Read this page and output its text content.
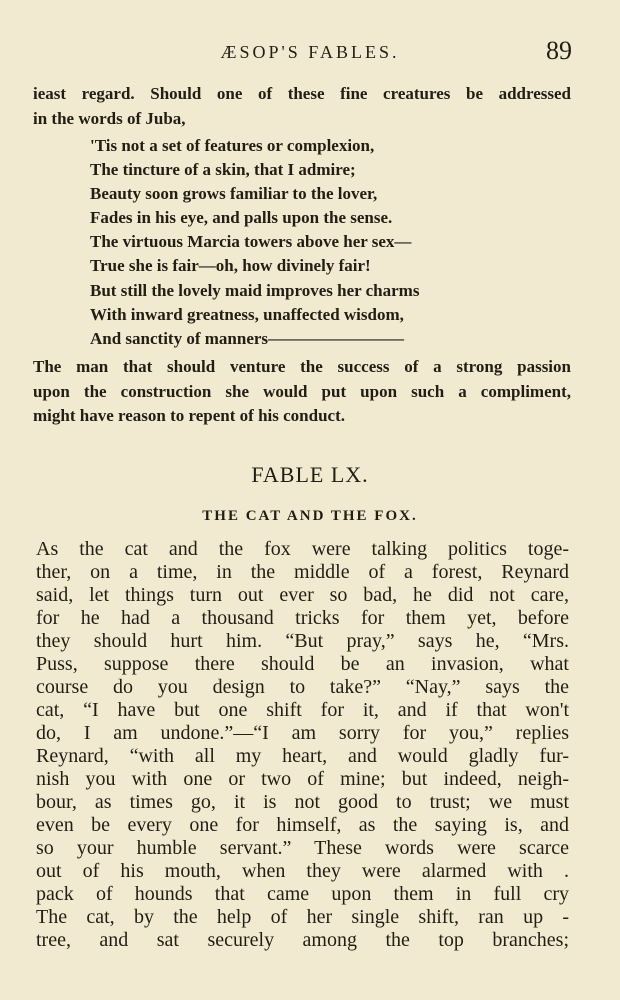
ÆSOP'S FABLES.	89
ieast regard. Should one of these fine creatures be addressed
in the words of Juba,
'Tis not a set of features or complexion,
The tincture of a skin, that I admire;
Beauty soon grows familiar to the lover,
Fades in his eye, and palls upon the sense.
The virtuous Marcia towers above her sex—
True she is fair—oh, how divinely fair!
But still the lovely maid improves her charms
With inward greatness, unaffected wisdom,
And sanctity of manners————————
The man that should venture the success of a strong passion
upon the construction she would put upon such a compliment,
might have reason to repent of his conduct.
FABLE LX.
THE CAT AND THE FOX.
As the cat and the fox were talking politics toge-
ther, on a time, in the middle of a forest, Reynard
said, let things turn out ever so bad, he did not care,
for he had a thousand tricks for them yet, before
they should hurt him. “But pray,” says he, “Mrs.
Puss, suppose there should be an invasion, what
course do you design to take?” “Nay,” says the
cat, “I have but one shift for it, and if that won't
do, I am undone.”—“I am sorry for you,” replies
Reynard, “with all my heart, and would gladly fur-
nish you with one or two of mine; but indeed, neigh-
bour, as times go, it is not good to trust; we must
even be every one for himself, as the saying is, and
so your humble servant.” These words were scarce
out of his mouth, when they were alarmed with .
pack of hounds that came upon them in full cry
The cat, by the help of her single shift, ran up -
tree, and sat securely among the top branches;
